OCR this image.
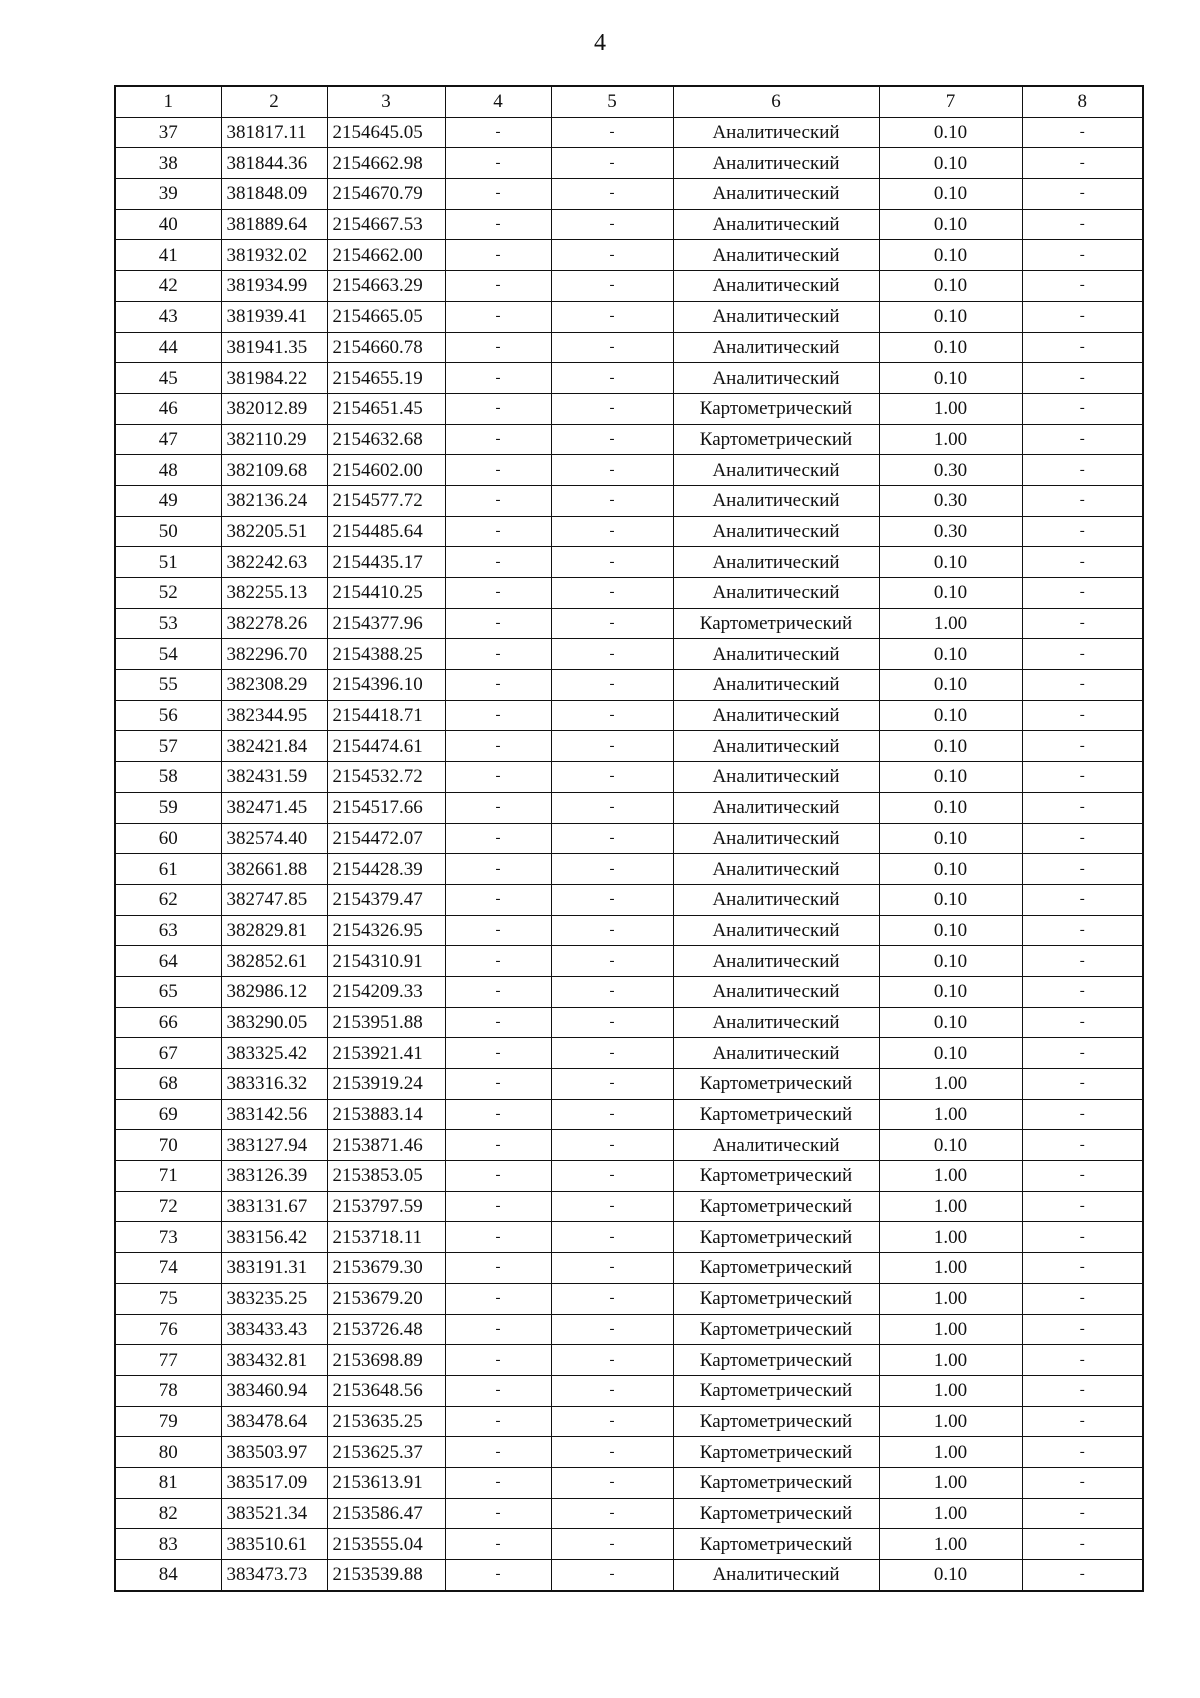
4
1	2	3	4	5	6	7	8
37	381817.11	2154645.05	-	-	Аналитический	0.10	-
38	381844.36	2154662.98	-	-	Аналитический	0.10	-
39	381848.09	2154670.79	-	-	Аналитический	0.10	-
40	381889.64	2154667.53	-	-	Аналитический	0.10	-
41	381932.02	2154662.00	-	-	Аналитический	0.10	-
42	381934.99	2154663.29	-	-	Аналитический	0.10	-
43	381939.41	2154665.05	-	-	Аналитический	0.10	-
44	381941.35	2154660.78	-	-	Аналитический	0.10	-
45	381984.22	2154655.19	-	-	Аналитический	0.10	-
46	382012.89	2154651.45	-	-	Картометрический	1.00	-
47	382110.29	2154632.68	-	-	Картометрический	1.00	-
48	382109.68	2154602.00	-	-	Аналитический	0.30	-
49	382136.24	2154577.72	-	-	Аналитический	0.30	-
50	382205.51	2154485.64	-	-	Аналитический	0.30	-
51	382242.63	2154435.17	-	-	Аналитический	0.10	-
52	382255.13	2154410.25	-	-	Аналитический	0.10	-
53	382278.26	2154377.96	-	-	Картометрический	1.00	-
54	382296.70	2154388.25	-	-	Аналитический	0.10	-
55	382308.29	2154396.10	-	-	Аналитический	0.10	-
56	382344.95	2154418.71	-	-	Аналитический	0.10	-
57	382421.84	2154474.61	-	-	Аналитический	0.10	-
58	382431.59	2154532.72	-	-	Аналитический	0.10	-
59	382471.45	2154517.66	-	-	Аналитический	0.10	-
60	382574.40	2154472.07	-	-	Аналитический	0.10	-
61	382661.88	2154428.39	-	-	Аналитический	0.10	-
62	382747.85	2154379.47	-	-	Аналитический	0.10	-
63	382829.81	2154326.95	-	-	Аналитический	0.10	-
64	382852.61	2154310.91	-	-	Аналитический	0.10	-
65	382986.12	2154209.33	-	-	Аналитический	0.10	-
66	383290.05	2153951.88	-	-	Аналитический	0.10	-
67	383325.42	2153921.41	-	-	Аналитический	0.10	-
68	383316.32	2153919.24	-	-	Картометрический	1.00	-
69	383142.56	2153883.14	-	-	Картометрический	1.00	-
70	383127.94	2153871.46	-	-	Аналитический	0.10	-
71	383126.39	2153853.05	-	-	Картометрический	1.00	-
72	383131.67	2153797.59	-	-	Картометрический	1.00	-
73	383156.42	2153718.11	-	-	Картометрический	1.00	-
74	383191.31	2153679.30	-	-	Картометрический	1.00	-
75	383235.25	2153679.20	-	-	Картометрический	1.00	-
76	383433.43	2153726.48	-	-	Картометрический	1.00	-
77	383432.81	2153698.89	-	-	Картометрический	1.00	-
78	383460.94	2153648.56	-	-	Картометрический	1.00	-
79	383478.64	2153635.25	-	-	Картометрический	1.00	-
80	383503.97	2153625.37	-	-	Картометрический	1.00	-
81	383517.09	2153613.91	-	-	Картометрический	1.00	-
82	383521.34	2153586.47	-	-	Картометрический	1.00	-
83	383510.61	2153555.04	-	-	Картометрический	1.00	-
84	383473.73	2153539.88	-	-	Аналитический	0.10	-
